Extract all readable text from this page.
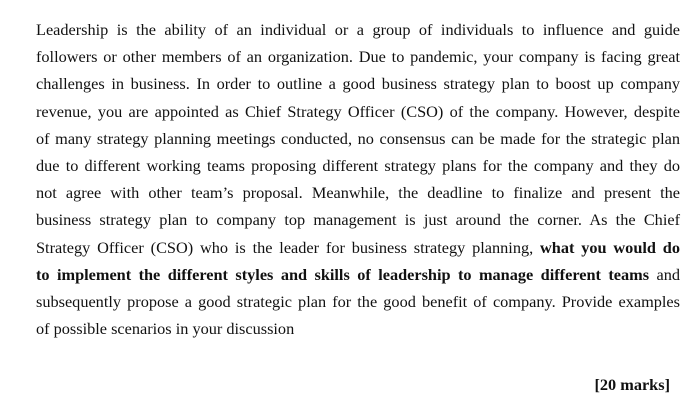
Leadership is the ability of an individual or a group of individuals to influence and guide
followers or other members of an organization. Due to pandemic, your company is facing great
challenges in business. In order to outline a good business strategy plan to boost up company
revenue, you are appointed as Chief Strategy Officer (CSO) of the company. However, despite
of many strategy planning meetings conducted, no consensus can be made for the strategic plan
due to different working teams proposing different strategy plans for the company and they do
not agree with other team’s proposal. Meanwhile, the deadline to finalize and present the
business strategy plan to company top management is just around the corner. As the Chief
Strategy Officer (CSO) who is the leader for business strategy planning, what you would do
to implement the different styles and skills of leadership to manage different teams and
subsequently propose a good strategic plan for the good benefit of company. Provide examples
of possible scenarios in your discussion
[20 marks]
